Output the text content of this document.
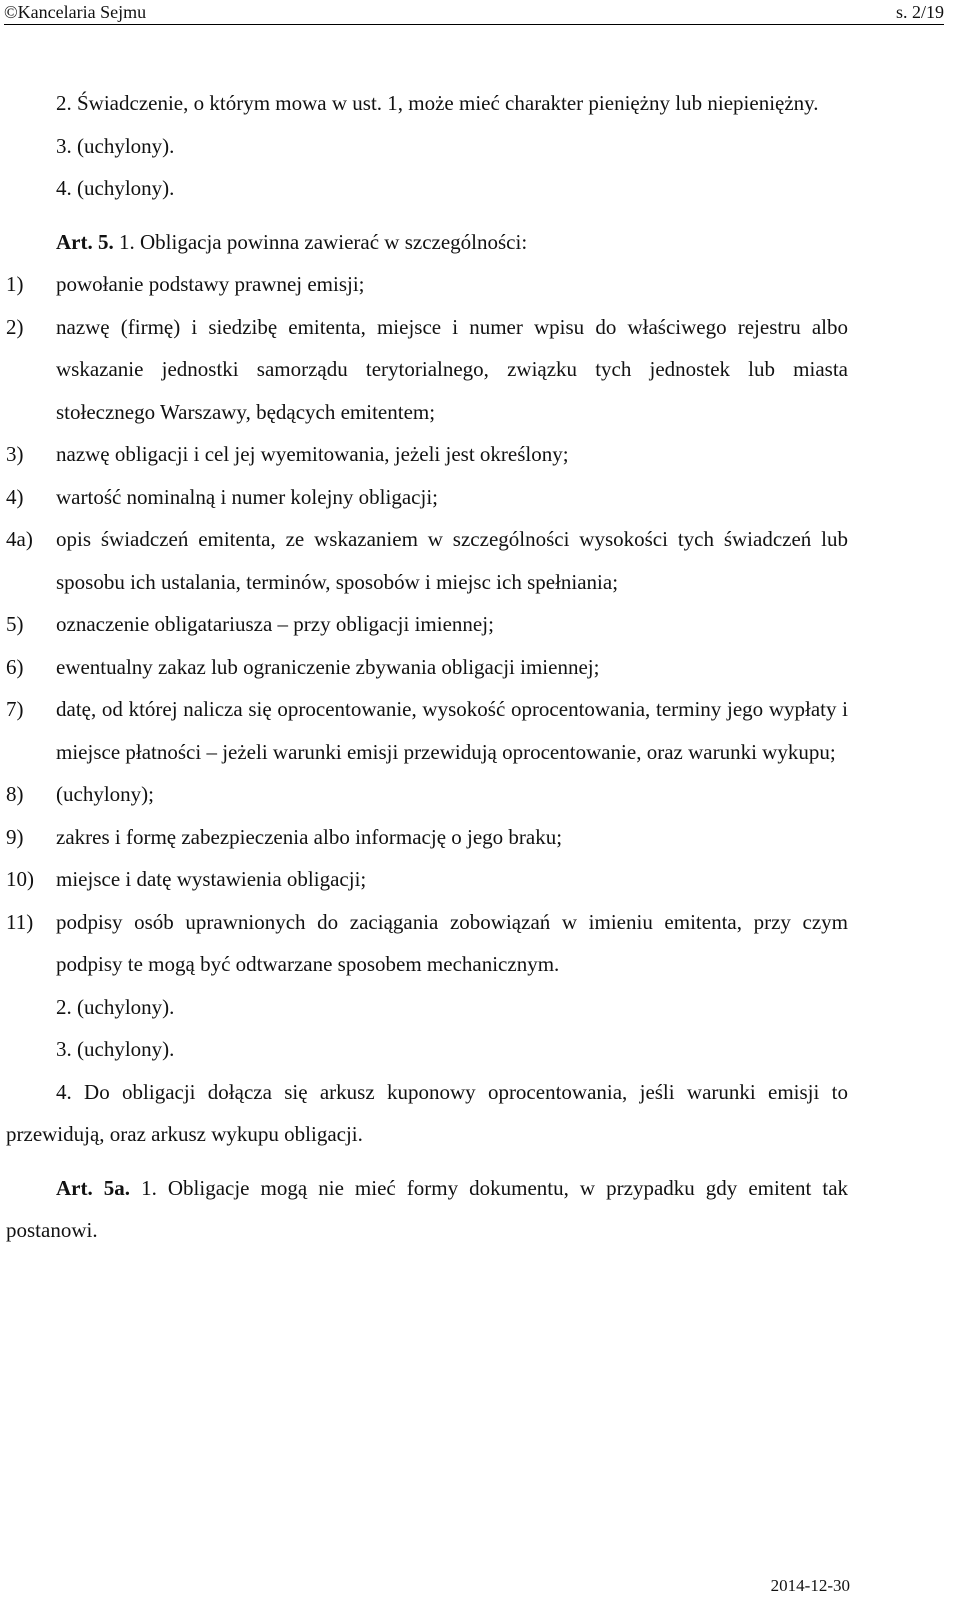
©Kancelaria Sejmu	s. 2/19

2. Świadczenie, o którym mowa w ust. 1, może mieć charakter pieniężny lub niepieniężny.

3. (uchylony).

4. (uchylony).

Art. 5. 1. Obligacja powinna zawierać w szczególności:

1)	powołanie podstawy prawnej emisji;
2)	nazwę (firmę) i siedzibę emitenta, miejsce i numer wpisu do właściwego rejestru albo wskazanie jednostki samorządu terytorialnego, związku tych jednostek lub miasta stołecznego Warszawy, będących emitentem;
3)	nazwę obligacji i cel jej wyemitowania, jeżeli jest określony;
4)	wartość nominalną i numer kolejny obligacji;
4a)	opis świadczeń emitenta, ze wskazaniem w szczególności wysokości tych świadczeń lub sposobu ich ustalania, terminów, sposobów i miejsc ich spełniania;
5)	oznaczenie obligatariusza – przy obligacji imiennej;
6)	ewentualny zakaz lub ograniczenie zbywania obligacji imiennej;
7)	datę, od której nalicza się oprocentowanie, wysokość oprocentowania, terminy jego wypłaty i miejsce płatności – jeżeli warunki emisji przewidują oprocentowanie, oraz warunki wykupu;
8)	(uchylony);
9)	zakres i formę zabezpieczenia albo informację o jego braku;
10)	miejsce i datę wystawienia obligacji;
11)	podpisy osób uprawnionych do zaciągania zobowiązań w imieniu emitenta, przy czym podpisy te mogą być odtwarzane sposobem mechanicznym.

2. (uchylony).

3. (uchylony).

4. Do obligacji dołącza się arkusz kuponowy oprocentowania, jeśli warunki emisji to przewidują, oraz arkusz wykupu obligacji.

Art. 5a. 1. Obligacje mogą nie mieć formy dokumentu, w przypadku gdy emitent tak postanowi.

2014-12-30
